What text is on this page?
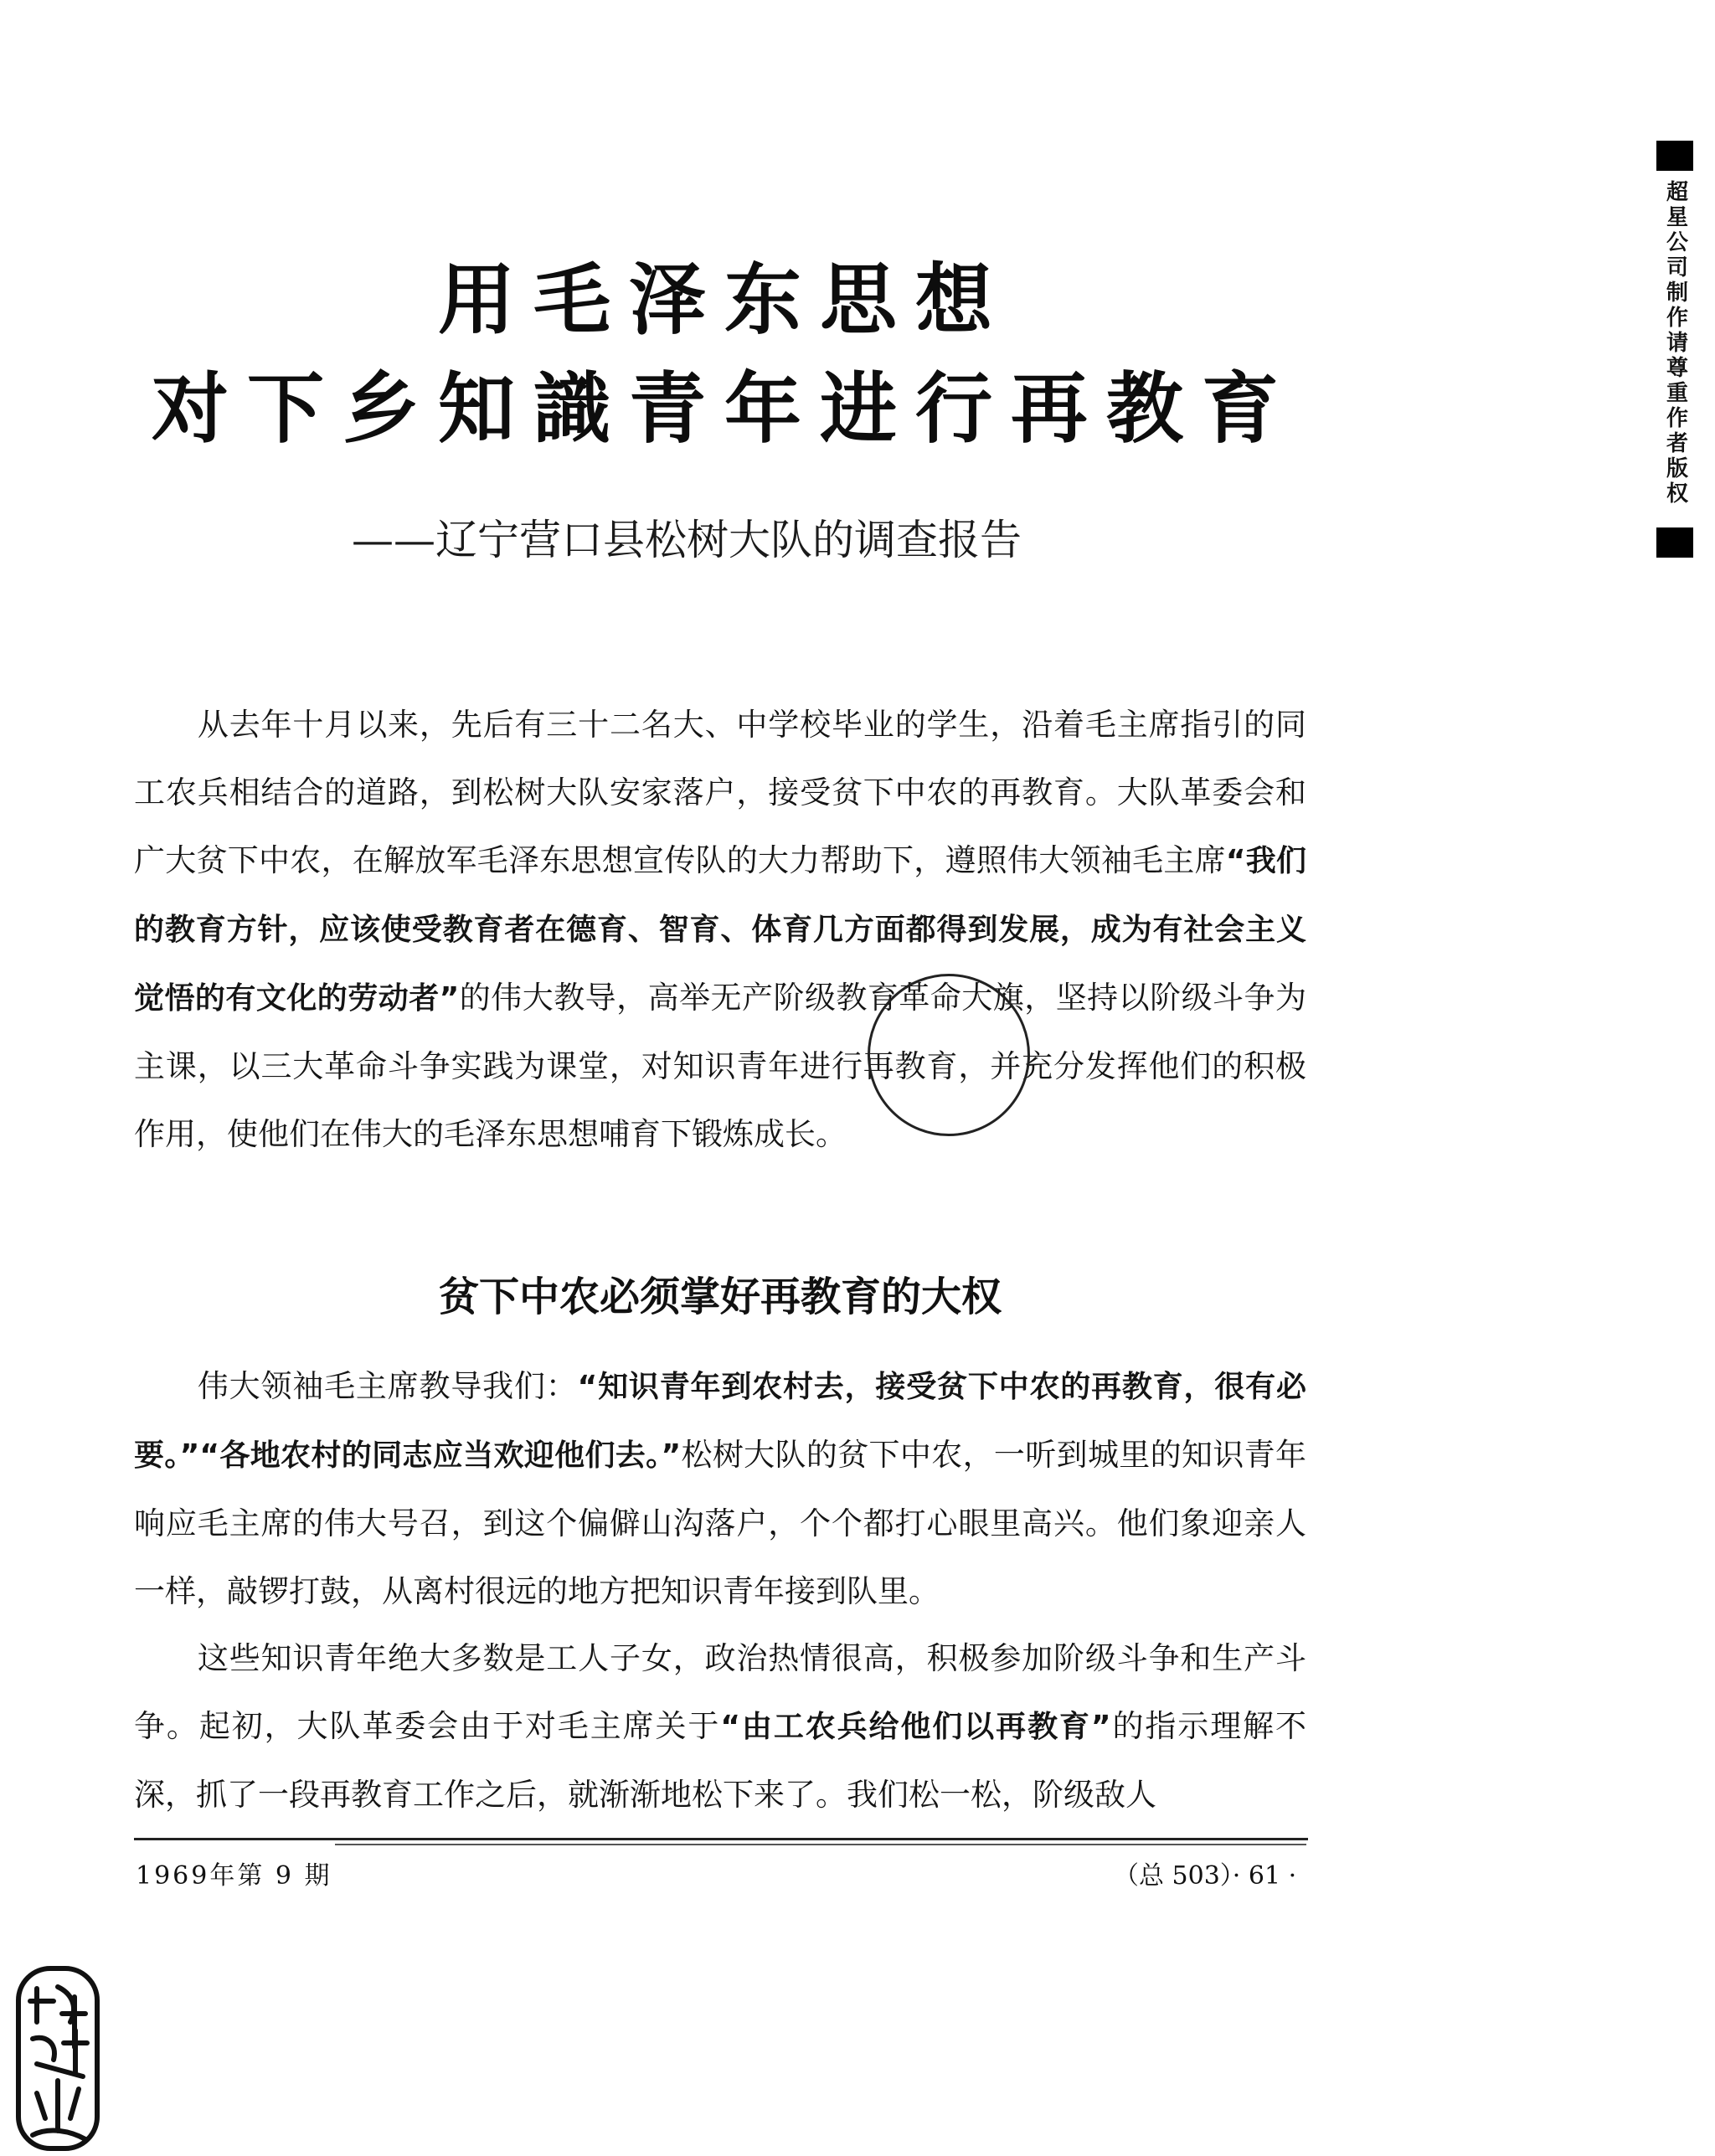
超星公司制作请尊重作者版权
用毛泽东思想
对下乡知識青年进行再教育
——辽宁营口县松树大队的调查报告

从去年十月以来，先后有三十二名大、中学校毕业的学生，沿着毛主席指引的同工农兵相结合的道路，到松树大队安家落户，接受贫下中农的再教育。大队革委会和广大贫下中农，在解放军毛泽东思想宣传队的大力帮助下，遵照伟大领袖毛主席“我们的教育方针，应该使受教育者在德育、智育、体育几方面都得到发展，成为有社会主义觉悟的有文化的劳动者”的伟大教导，高举无产阶级教育革命大旗，坚持以阶级斗争为主课，以三大革命斗争实践为课堂，对知识青年进行再教育，并充分发挥他们的积极作用，使他们在伟大的毛泽东思想哺育下锻炼成长。

贫下中农必须掌好再教育的大权

伟大领袖毛主席教导我们：“知识青年到农村去，接受贫下中农的再教育，很有必要。”“各地农村的同志应当欢迎他们去。”松树大队的贫下中农，一听到城里的知识青年响应毛主席的伟大号召，到这个偏僻山沟落户，个个都打心眼里高兴。他们象迎亲人一样，敲锣打鼓，从离村很远的地方把知识青年接到队里。

这些知识青年绝大多数是工人子女，政治热情很高，积极参加阶级斗争和生产斗争。起初，大队革委会由于对毛主席关于“由工农兵给他们以再教育”的指示理解不深，抓了一段再教育工作之后，就渐渐地松下来了。我们松一松，阶级敌人

1969年第 9 期	（总 503）· 61 ·
